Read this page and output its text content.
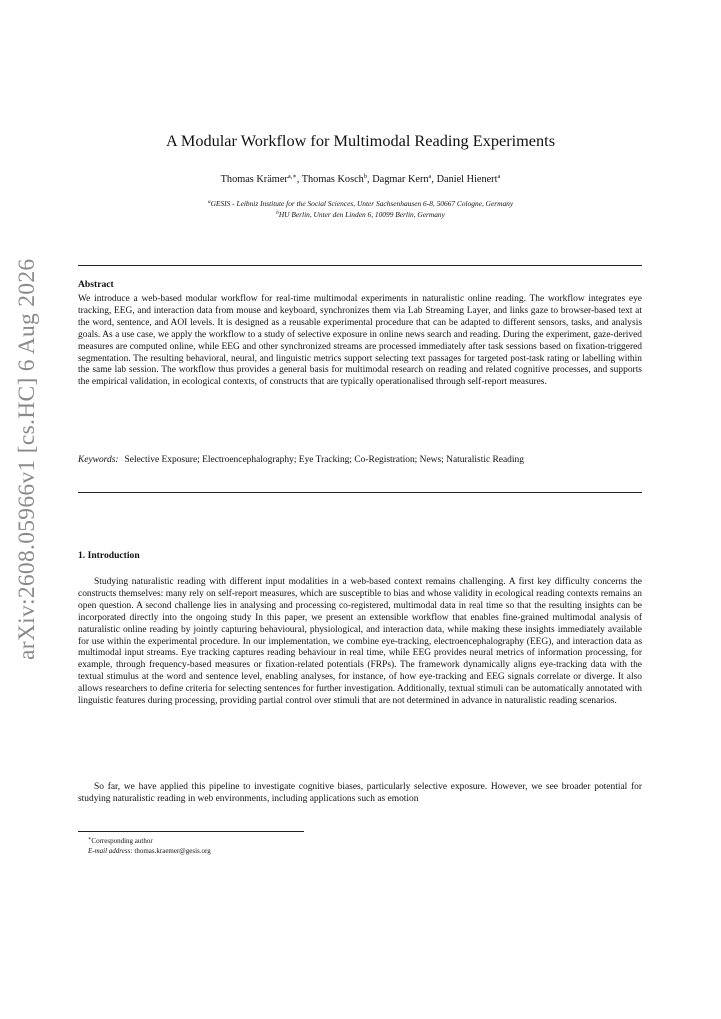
arXiv:2608.05966v1 [cs.HC] 6 Aug 2026
A Modular Workflow for Multimodal Reading Experiments
Thomas Krämer$^{a,∗}$, Thomas Kosch$^b$, Dagmar Kern$^a$, Daniel Hienert$^a$
$^a$GESIS - Leibniz Institute for the Social Sciences, Unter Sachsenhausen 6-8, 50667 Cologne, Germany
$^b$HU Berlin, Unter den Linden 6, 10099 Berlin, Germany
Abstract
We introduce a web-based modular workflow for real-time multimodal experiments in naturalistic online reading. The workflow integrates eye tracking, EEG, and interaction data from mouse and keyboard, synchronizes them via Lab Streaming Layer, and links gaze to browser-based text at the word, sentence, and AOI levels. It is designed as a reusable experimental procedure that can be adapted to different sensors, tasks, and analysis goals. As a use case, we apply the workflow to a study of selective exposure in online news search and reading. During the experiment, gaze-derived measures are computed online, while EEG and other synchronized streams are processed immediately after task sessions based on fixation-triggered segmentation. The resulting behavioral, neural, and linguistic metrics support selecting text passages for targeted post-task rating or labelling within the same lab session. The workflow thus provides a general basis for multimodal research on reading and related cognitive processes, and supports the empirical validation, in ecological contexts, of constructs that are typically operationalised through self-report measures.
Keywords: Selective Exposure; Electroencephalography; Eye Tracking; Co-Registration; News; Naturalistic Reading
1. Introduction
Studying naturalistic reading with different input modalities in a web-based context remains challenging. A first key difficulty concerns the constructs themselves: many rely on self-report measures, which are susceptible to bias and whose validity in ecological reading contexts remains an open question. A second challenge lies in analysing and processing co-registered, multimodal data in real time so that the resulting insights can be incorporated directly into the ongoing study In this paper, we present an extensible workflow that enables fine-grained multimodal analysis of naturalistic online reading by jointly capturing behavioural, physiological, and interaction data, while making these insights immediately available for use within the experimental procedure. In our implementation, we combine eye-tracking, electroencephalography (EEG), and interaction data as multimodal input streams. Eye tracking captures reading behaviour in real time, while EEG provides neural metrics of information processing, for example, through frequency-based measures or fixation-related potentials (FRPs). The framework dynamically aligns eye-tracking data with the textual stimulus at the word and sentence level, enabling analyses, for instance, of how eye-tracking and EEG signals correlate or diverge. It also allows researchers to define criteria for selecting sentences for further investigation. Additionally, textual stimuli can be automatically annotated with linguistic features during processing, providing partial control over stimuli that are not determined in advance in naturalistic reading scenarios.
So far, we have applied this pipeline to investigate cognitive biases, particularly selective exposure. However, we see broader potential for studying naturalistic reading in web environments, including applications such as emotion
∗Corresponding author
E-mail address: thomas.kraemer@gesis.org
